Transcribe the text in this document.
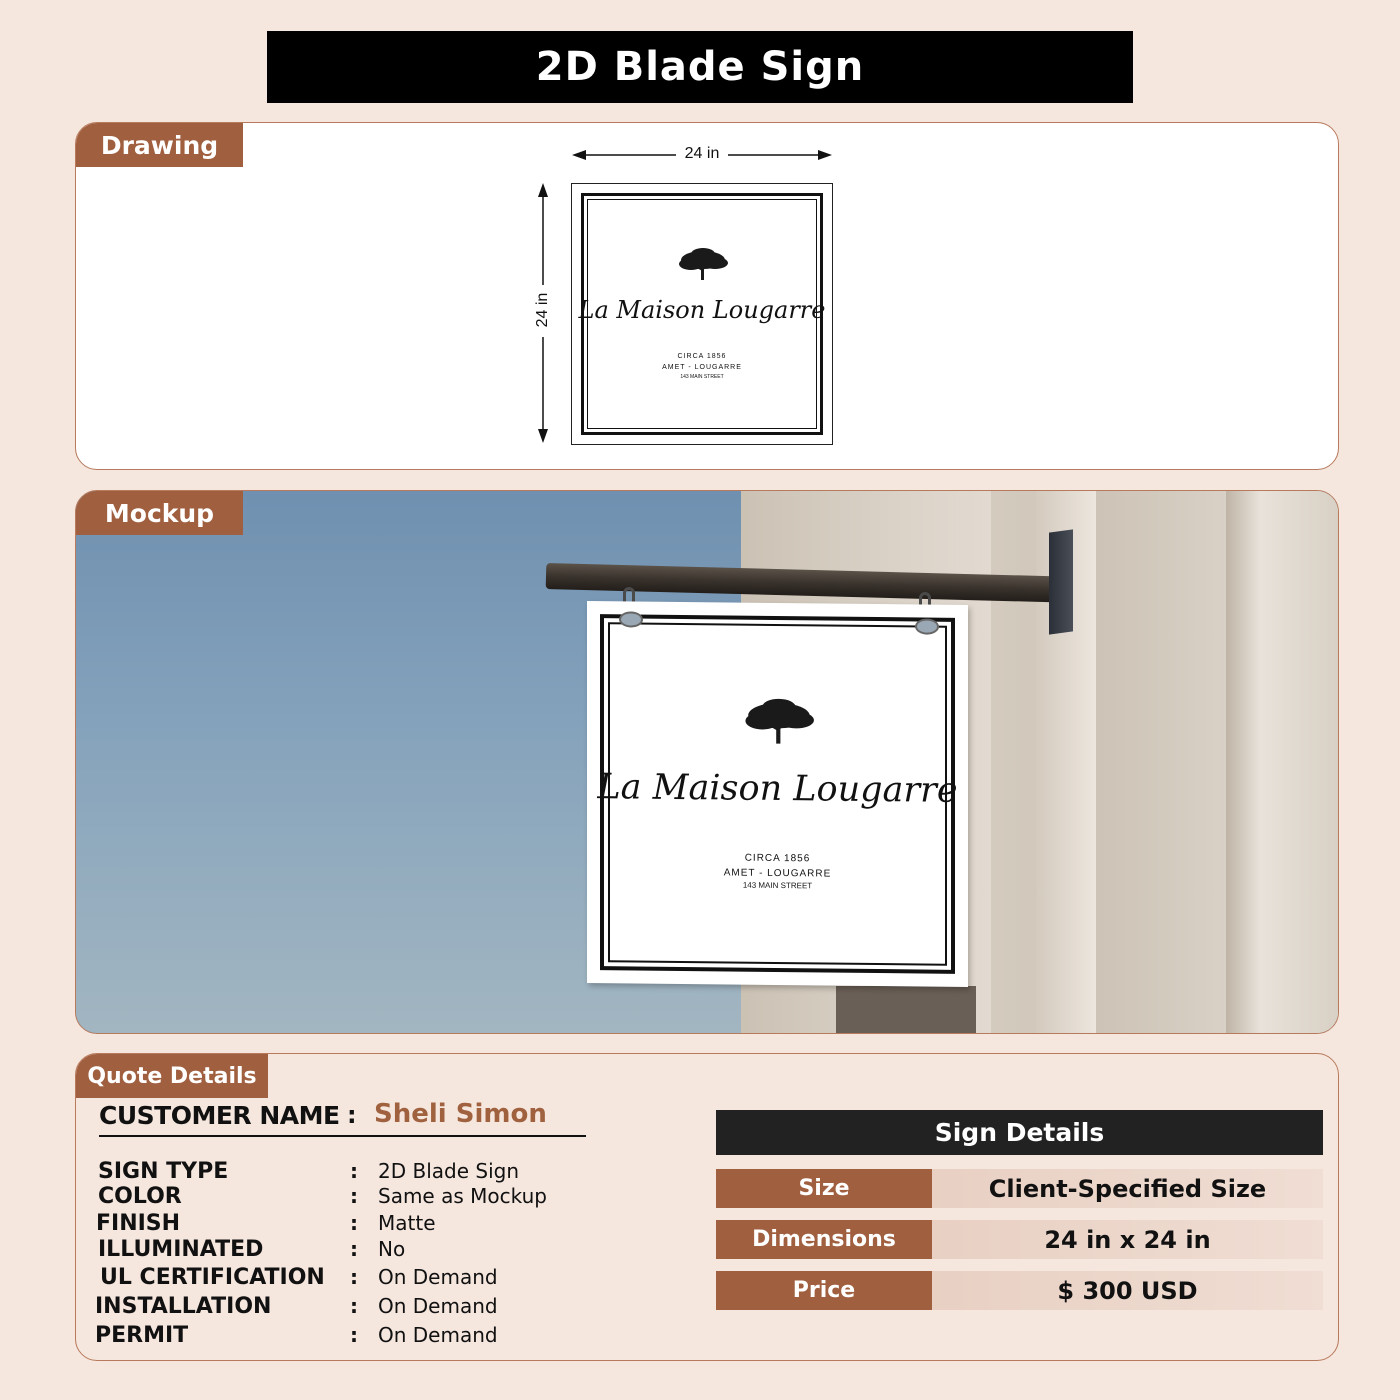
2D Blade Sign
Drawing	24 in
24 in La Maison Lougarre
CIRCA 1856
AMET - LOUGARRE
143 MAIN STREET
Mockup
La Maison Lougarre
CIRCA 1856
AMET - LOUGARRE
143 MAIN STREET
Quote Details
CUSTOMER NAME : Sheli Simon
SIGN TYPE	: 2D Blade Sign
COLOR	: Same as Mockup
FINISH	: Matte
ILLUMINATED	: No
UL CERTIFICATION : On Demand
INSTALLATION	: On Demand
PERMIT	: On Demand
Sign Details
Size	Client-Specified Size
Dimensions	24 in x 24 in
Price	$ 300 USD
